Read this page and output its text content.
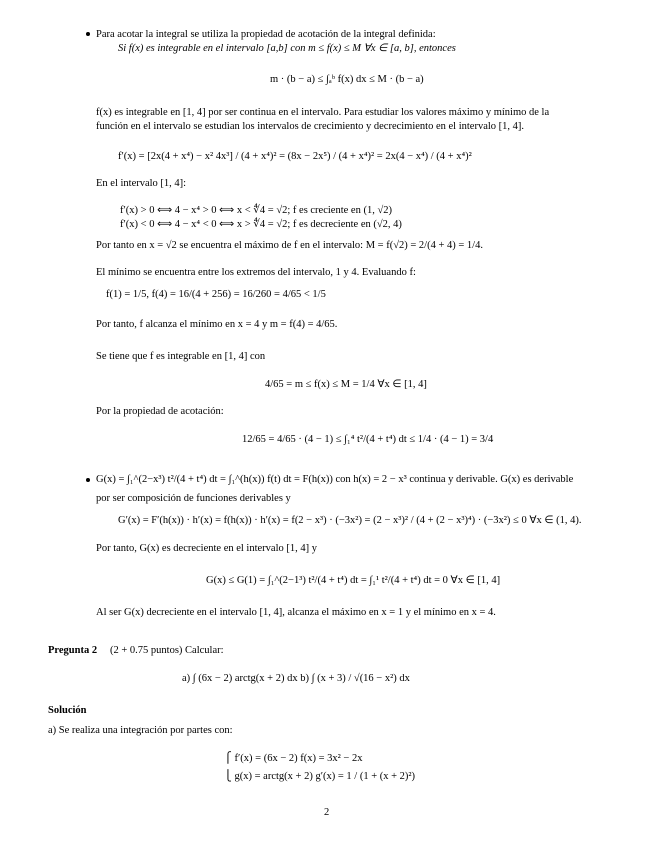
Para acotar la integral se utiliza la propiedad de acotación de la integral definida:
Si f(x) es integrable en el intervalo [a,b] con m ≤ f(x) ≤ M ∀x ∈ [a, b], entonces
m · (b − a) ≤ ∫ₐᵇ f(x) dx ≤ M · (b − a)
f(x) es integrable en [1, 4] por ser continua en el intervalo. Para estudiar los valores máximo y mínimo de la
función en el intervalo se estudian los intervalos de crecimiento y decrecimiento en el intervalo [1, 4].
f′(x) = [2x(4 + x⁴) − x² 4x³] / (4 + x⁴)² = (8x − 2x⁵) / (4 + x⁴)² = 2x(4 − x⁴) / (4 + x⁴)²
En el intervalo [1, 4]:
f′(x) > 0 ⟺ 4 − x⁴ > 0 ⟺ x < ∜4 = √2; f es creciente en (1, √2)
f′(x) < 0 ⟺ 4 − x⁴ < 0 ⟺ x > ∜4 = √2; f es decreciente en (√2, 4)
Por tanto en x = √2 se encuentra el máximo de f en el intervalo: M = f(√2) = 2/(4 + 4) = 1/4.
El mínimo se encuentra entre los extremos del intervalo, 1 y 4. Evaluando f:
f(1) = 1/5, f(4) = 16/(4 + 256) = 16/260 = 4/65 < 1/5
Por tanto, f alcanza el mínimo en x = 4 y m = f(4) = 4/65.
Se tiene que f es integrable en [1, 4] con
4/65 = m ≤ f(x) ≤ M = 1/4 ∀x ∈ [1, 4]
Por la propiedad de acotación:
12/65 = 4/65 · (4 − 1) ≤ ∫₁⁴ t²/(4 + t⁴) dt ≤ 1/4 · (4 − 1) = 3/4
G(x) = ∫₁^(2−x³) t²/(4 + t⁴) dt = ∫₁^(h(x)) f(t) dt = F(h(x)) con h(x) = 2 − x³ continua y derivable. G(x) es derivable
por ser composición de funciones derivables y
G′(x) = F′(h(x)) · h′(x) = f(h(x)) · h′(x) = f(2 − x³) · (−3x²) = (2 − x³)² / (4 + (2 − x³)⁴) · (−3x²) ≤ 0 ∀x ∈ (1, 4).
Por tanto, G(x) es decreciente en el intervalo [1, 4] y
G(x) ≤ G(1) = ∫₁^(2−1³) t²/(4 + t⁴) dt = ∫₁¹ t²/(4 + t⁴) dt = 0 ∀x ∈ [1, 4]
Al ser G(x) decreciente en el intervalo [1, 4], alcanza el máximo en x = 1 y el mínimo en x = 4.
Pregunta 2 (2 + 0.75 puntos) Calcular:
a) ∫ (6x − 2) arctg(x + 2) dx b) ∫ (x + 3) / √(16 − x²) dx
Solución
a) Se realiza una integración por partes con:
⎧ f′(x) = (6x − 2) f(x) = 3x² − 2x
⎩ g(x) = arctg(x + 2) g′(x) = 1 / (1 + (x + 2)²)
2
